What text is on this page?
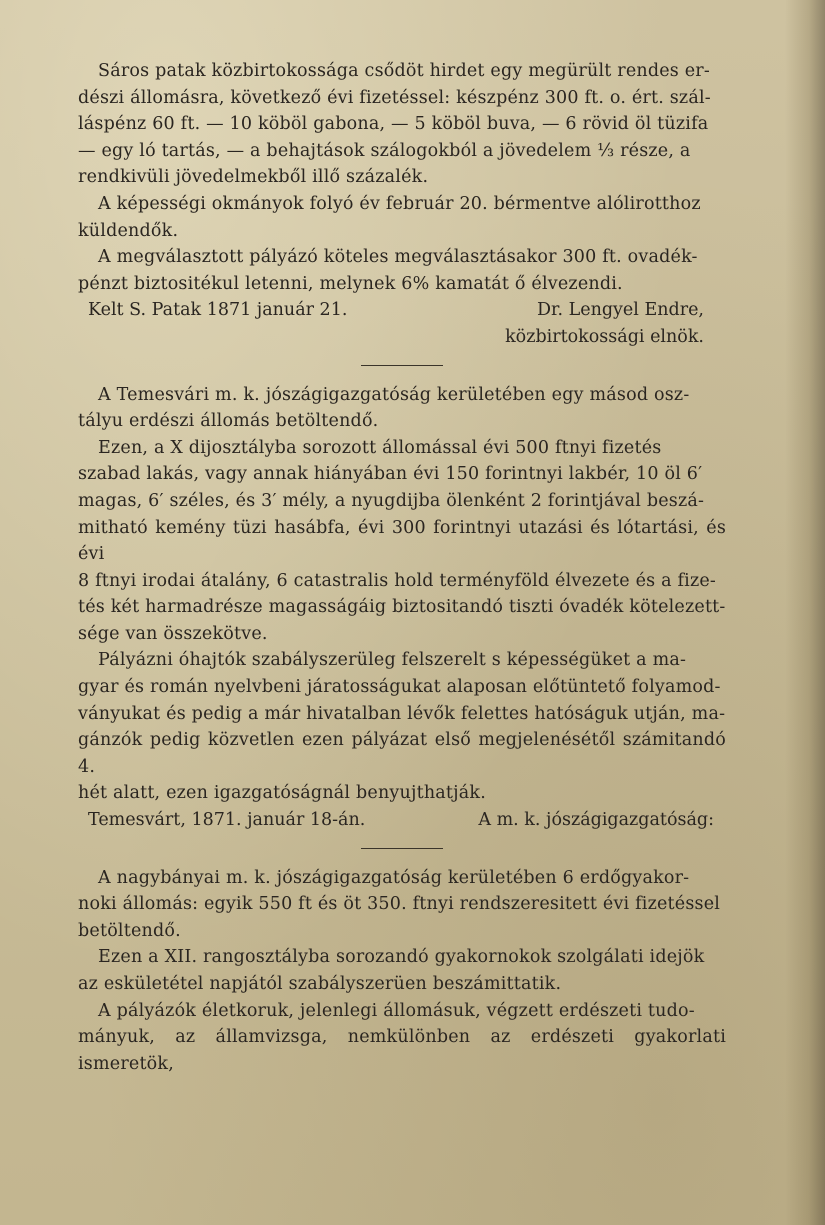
Sáros patak közbirtokossága csődöt hirdet egy megürült rendes er-
dészi állomásra, következő évi fizetéssel: készpénz 300 ft. o. ért. szál-
láspénz 60 ft. — 10 köböl gabona, — 5 köböl buva, — 6 rövid öl tüzifa
— egy ló tartás, — a behajtások szálogokból a jövedelem ⅓ része, a
rendkivüli jövedelmekből illő százalék.

A képességi okmányok folyó év február 20. bérmentve alólirotthoz
küldendők.

A megválasztott pályázó köteles megválasztásakor 300 ft. ovadék-
pénzt biztositékul letenni, melynek 6% kamatát ő élvezendi.

Kelt S. Patak 1871 január 21.	Dr. Lengyel Endre,
közbirtokossági elnök.

A Temesvári m. k. jószágigazgatóság kerületében egy másod osz-
tályu erdészi állomás betöltendő.

Ezen, a X dijosztályba sorozott állomással évi 500 ftnyi fizetés
szabad lakás, vagy annak hiányában évi 150 forintnyi lakbér, 10 öl 6′
magas, 6′ széles, és 3′ mély, a nyugdijba ölenként 2 forintjával beszá-
mitható kemény tüzi hasábfa, évi 300 forintnyi utazási és lótartási, és évi
8 ftnyi irodai átalány, 6 catastralis hold terményföld élvezete és a fize-
tés két harmadrésze magasságáig biztositandó tiszti óvadék kötelezett-
sége van összekötve.

Pályázni óhajtók szabályszerüleg felszerelt s képességüket a ma-
gyar és román nyelvbeni járatosságukat alaposan előtüntető folyamod-
ványukat és pedig a már hivatalban lévők felettes hatóságuk utján, ma-
gánzók pedig közvetlen ezen pályázat első megjelenésétől számitandó 4.
hét alatt, ezen igazgatóságnál benyujthatják.

Temesvárt, 1871. január 18-án.	A m. k. jószágigazgatóság:

A nagybányai m. k. jószágigazgatóság kerületében 6 erdőgyakor-
noki állomás: egyik 550 ft és öt 350. ftnyi rendszeresitett évi fizetéssel
betöltendő.

Ezen a XII. rangosztályba sorozandó gyakornokok szolgálati idejök
az eskületétel napjától szabályszerüen beszámittatik.

A pályázók életkoruk, jelenlegi állomásuk, végzett erdészeti tudo-
mányuk, az államvizsga, nemkülönben az erdészeti gyakorlati ismeretök,
